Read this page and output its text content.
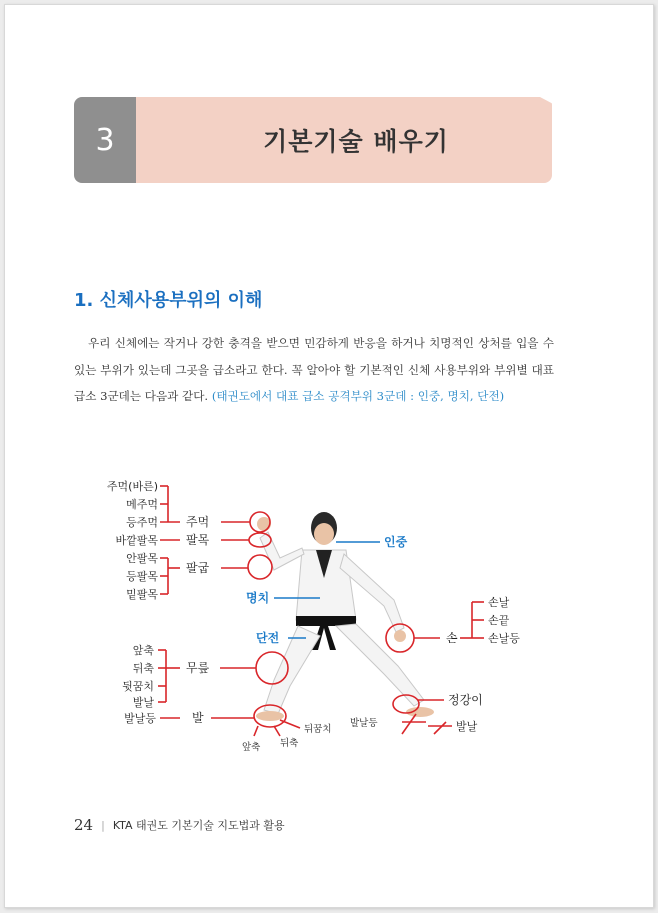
3	기본기술 배우기
1. 신체사용부위의 이해

우리 신체에는 작거나 강한 충격을 받으면 민감하게 반응을 하거나 치명적인 상처를 입을 수 있는 부위가 있는데 그곳을 급소라고 한다. 꼭 알아야 할 기본적인 신체 사용부위와 부위별 대표 급소 3군데는 다음과 같다. (태권도에서 대표 급소 공격부위 3군데 : 인중, 명치, 단전)

주먹(바른)
메주먹
등주먹 주먹
바깥팔목 팔목
안팔목
등팔목
밑팔목
팔굽
앞축
뒤축
뒷꿈치
발날
무릎
발날등	발
인중
명치
단전	손
손날
손끝
손날등
정강이
발날
발날등
뒤꿈치
앞축 뒤축
24 | KTA 태권도 기본기술 지도법과 활용
